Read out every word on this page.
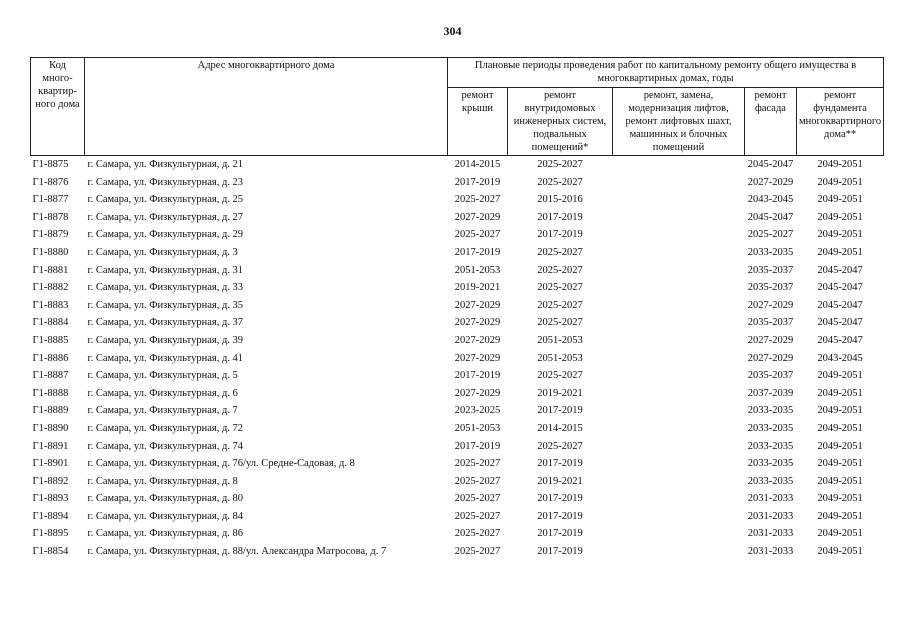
304
Код много-квартир-ного дома	Адрес многоквартирного дома	Плановые периоды проведения работ по капитальному ремонту общего имущества в многоквартирных домах, годы				
		ремонт крыши	ремонт внутридомовых инженерных систем, подвальных помещений*	ремонт, замена, модернизация лифтов, ремонт лифтовых шахт, машинных и блочных помещений	ремонт фасада	ремонт фундамента многоквартирного дома**
Г1-8875	г. Самара, ул. Физкультурная, д. 21	2014-2015	2025-2027		2045-2047	2049-2051
Г1-8876	г. Самара, ул. Физкультурная, д. 23	2017-2019	2025-2027		2027-2029	2049-2051
Г1-8877	г. Самара, ул. Физкультурная, д. 25	2025-2027	2015-2016		2043-2045	2049-2051
Г1-8878	г. Самара, ул. Физкультурная, д. 27	2027-2029	2017-2019		2045-2047	2049-2051
Г1-8879	г. Самара, ул. Физкультурная, д. 29	2025-2027	2017-2019		2025-2027	2049-2051
Г1-8880	г. Самара, ул. Физкультурная, д. 3	2017-2019	2025-2027		2033-2035	2049-2051
Г1-8881	г. Самара, ул. Физкультурная, д. 31	2051-2053	2025-2027		2035-2037	2045-2047
Г1-8882	г. Самара, ул. Физкультурная, д. 33	2019-2021	2025-2027		2035-2037	2045-2047
Г1-8883	г. Самара, ул. Физкультурная, д. 35	2027-2029	2025-2027		2027-2029	2045-2047
Г1-8884	г. Самара, ул. Физкультурная, д. 37	2027-2029	2025-2027		2035-2037	2045-2047
Г1-8885	г. Самара, ул. Физкультурная, д. 39	2027-2029	2051-2053		2027-2029	2045-2047
Г1-8886	г. Самара, ул. Физкультурная, д. 41	2027-2029	2051-2053		2027-2029	2043-2045
Г1-8887	г. Самара, ул. Физкультурная, д. 5	2017-2019	2025-2027		2035-2037	2049-2051
Г1-8888	г. Самара, ул. Физкультурная, д. 6	2027-2029	2019-2021		2037-2039	2049-2051
Г1-8889	г. Самара, ул. Физкультурная, д. 7	2023-2025	2017-2019		2033-2035	2049-2051
Г1-8890	г. Самара, ул. Физкультурная, д. 72	2051-2053	2014-2015		2033-2035	2049-2051
Г1-8891	г. Самара, ул. Физкультурная, д. 74	2017-2019	2025-2027		2033-2035	2049-2051
Г1-8901	г. Самара, ул. Физкультурная, д. 76/ул. Средне-Садовая, д. 8	2025-2027	2017-2019		2033-2035	2049-2051
Г1-8892	г. Самара, ул. Физкультурная, д. 8	2025-2027	2019-2021		2033-2035	2049-2051
Г1-8893	г. Самара, ул. Физкультурная, д. 80	2025-2027	2017-2019		2031-2033	2049-2051
Г1-8894	г. Самара, ул. Физкультурная, д. 84	2025-2027	2017-2019		2031-2033	2049-2051
Г1-8895	г. Самара, ул. Физкультурная, д. 86	2025-2027	2017-2019		2031-2033	2049-2051
Г1-8854	г. Самара, ул. Физкультурная, д. 88/ул. Александра Матросова, д. 7	2025-2027	2017-2019		2031-2033	2049-2051
